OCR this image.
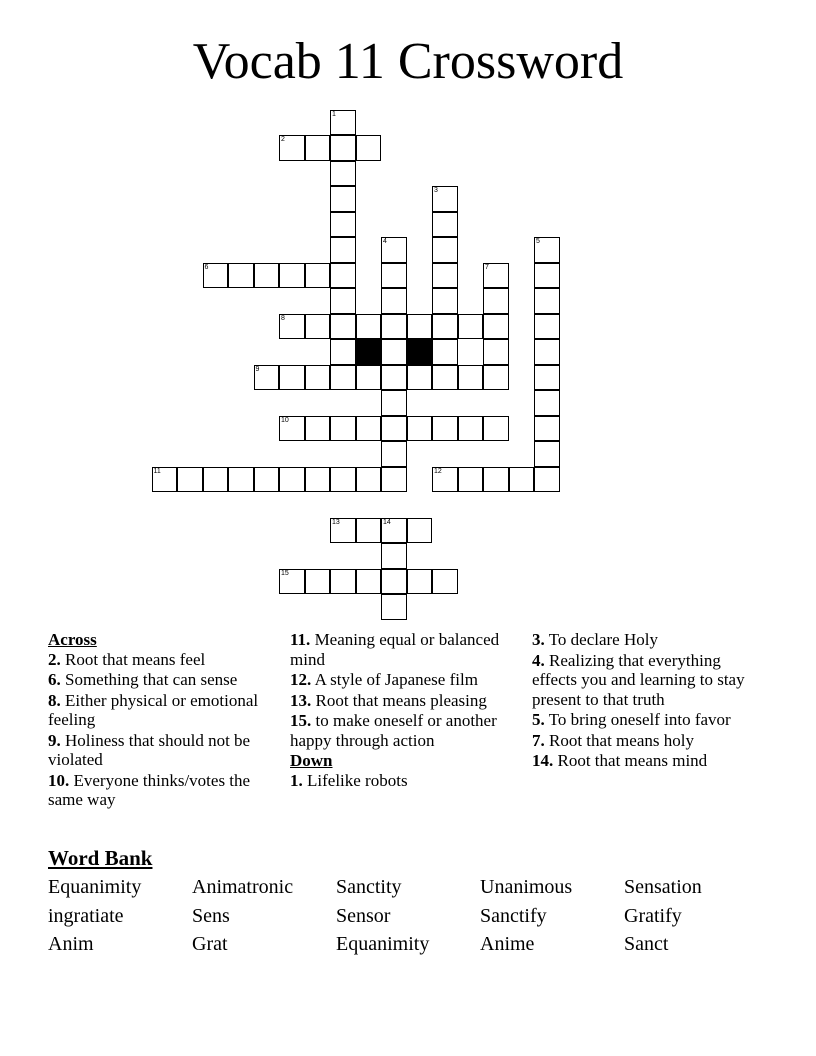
Vocab 11 Crossword
1
2
3
4	5
6	7
8
9
10
11	12
13	14
15

Across

2. Root that means feel

6. Something that can sense

8. Either physical or emotional feeling

9. Holiness that should not be violated

10. Everyone thinks/votes the same way

11. Meaning equal or balanced mind

12. A style of Japanese film

13. Root that means pleasing

15. to make oneself or another happy through action

Down

1. Lifelike robots

3. To declare Holy

4. Realizing that everything effects you and learning to stay present to that truth

5. To bring oneself into favor

7. Root that means holy

14. Root that means mind

Word Bank

Equanimity	Animatronic	Sanctity	Unanimous	Sensation
ingratiate	Sens	Sensor	Sanctify	Gratify
Anim	Grat	Equanimity	Anime	Sanct
